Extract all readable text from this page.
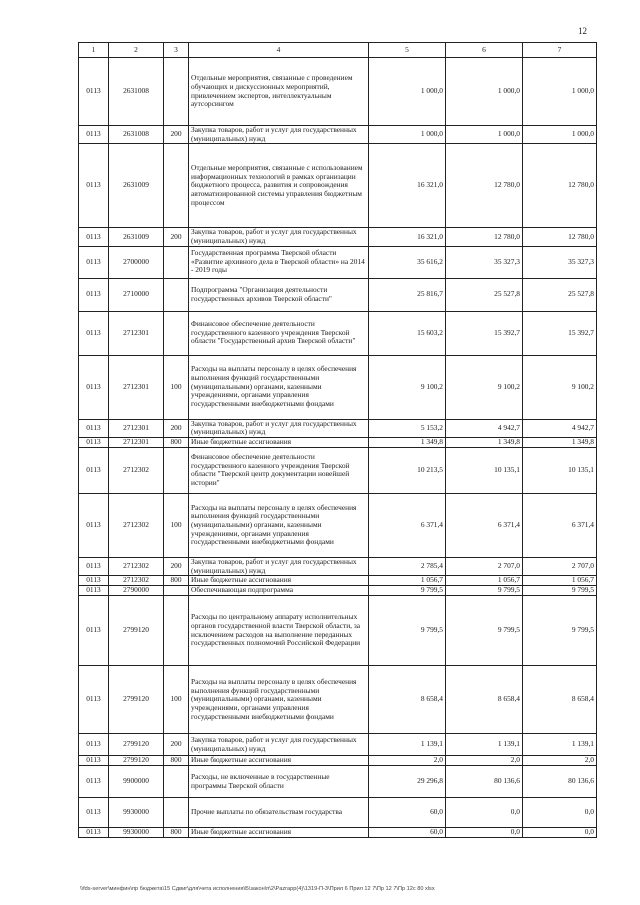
12
1	2	3	4	5	6	7
0113	2631008		Отдельные мероприятия, связанные с проведением обучающих и дискуссионных мероприятий, привлечением экспертов, интеллектуальным аутсорсингом	1 000,0	1 000,0	1 000,0
0113	2631008	200	Закупка товаров, работ и услуг для государственных (муниципальных) нужд	1 000,0	1 000,0	1 000,0
0113	2631009		Отдельные мероприятия, связанные с использованием информационных технологий в рамках организации бюджетного процесса, развития и сопровождения автоматизированной системы управления бюджетным процессом	16 321,0	12 780,0	12 780,0
0113	2631009	200	Закупка товаров, работ и услуг для государственных (муниципальных) нужд	16 321,0	12 780,0	12 780,0
0113	2700000		Государственная программа Тверской области «Развитие архивного дела в Тверской области» на 2014 - 2019 годы	35 616,2	35 327,3	35 327,3
0113	2710000		Подпрограмма "Организация деятельности государственных архивов Тверской области"	25 816,7	25 527,8	25 527,8
0113	2712301		Финансовое обеспечение деятельности государственного казенного учреждения Тверской области "Государственный архив Тверской области"	15 603,2	15 392,7	15 392,7
0113	2712301	100	Расходы на выплаты персоналу в целях обеспечения выполнения функций государственными (муниципальными) органами, казенными учреждениями, органами управления государственными внебюджетными фондами	9 100,2	9 100,2	9 100,2
0113	2712301	200	Закупка товаров, работ и услуг для государственных (муниципальных) нужд	5 153,2	4 942,7	4 942,7
0113	2712301	800	Иные бюджетные ассигнования	1 349,8	1 349,8	1 349,8
0113	2712302		Финансовое обеспечение деятельности государственного казенного учреждения Тверской области "Тверской центр документации новейшей истории"	10 213,5	10 135,1	10 135,1
0113	2712302	100	Расходы на выплаты персоналу в целях обеспечения выполнения функций государственными (муниципальными) органами, казенными учреждениями, органами управления государственными внебюджетными фондами	6 371,4	6 371,4	6 371,4
0113	2712302	200	Закупка товаров, работ и услуг для государственных (муниципальных) нужд	2 785,4	2 707,0	2 707,0
0113	2712302	800	Иные бюджетные ассигнования	1 056,7	1 056,7	1 056,7
0113	2790000		Обеспечивающая подпрограмма	9 799,5	9 799,5	9 799,5
0113	2799120		Расходы по центральному аппарату исполнительных органов государственной власти Тверской области, за исключением расходов на выполнение переданных государственных полномочий Российской Федерации	9 799,5	9 799,5	9 799,5
0113	2799120	100	Расходы на выплаты персоналу в целях обеспечения выполнения функций государственными (муниципальными) органами, казенными учреждениями, органами управления государственными внебюджетными фондами	8 658,4	8 658,4	8 658,4
0113	2799120	200	Закупка товаров, работ и услуг для государственных (муниципальных) нужд	1 139,1	1 139,1	1 139,1
0113	2799120	800	Иные бюджетные ассигнования	2,0	2,0	2,0
0113	9900000		Расходы, не включенные в государственные программы Тверской области	29 296,8	80 136,6	80 136,6
0113	9930000		Прочие выплаты по обязательствам государства	60,0	0,0	0,0
0113	9930000	800	Иные бюджетные ассигнования	60,0	0,0	0,0
\\fds-server\минфин\пр бюджета\15 Сдвиг\для\чета исполнения\Б\закон\п\2\Pazrapp(4)\1319-П-3\Прил 6 Прил 12 7\Пр 12 7\Пр 12с 80 xlsx
